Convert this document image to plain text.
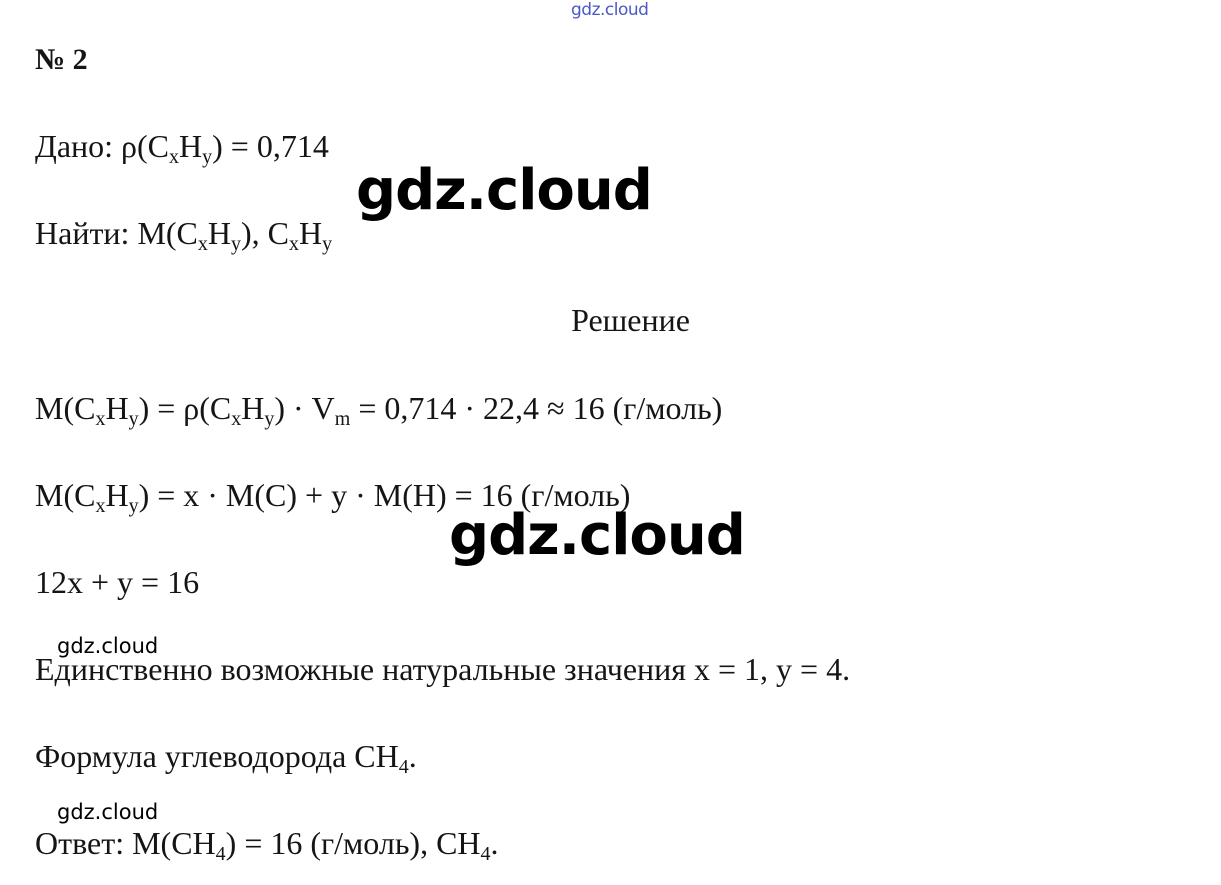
gdz.cloud
№ 2
Дано: $\rho(C_xH_y) = 0,714$
Найти: $M(C_xH_y)$, $C_xH_y$
Решение
$M(C_xH_y) = \rho(C_xH_y) \cdot V_m = 0,714 \cdot 22,4 \approx 16$ (г/моль)
$M(C_xH_y) = x \cdot M(C) + y \cdot M(H) = 16$ (г/моль)
12x + y = 16
Единственно возможные натуральные значения x = 1, y = 4.
Формула углеводорода $CH_4$.
Ответ: $M(CH_4) = 16$ (г/моль), $CH_4$.
gdz.cloud
gdz.cloud
gdz.cloud
gdz.cloud
